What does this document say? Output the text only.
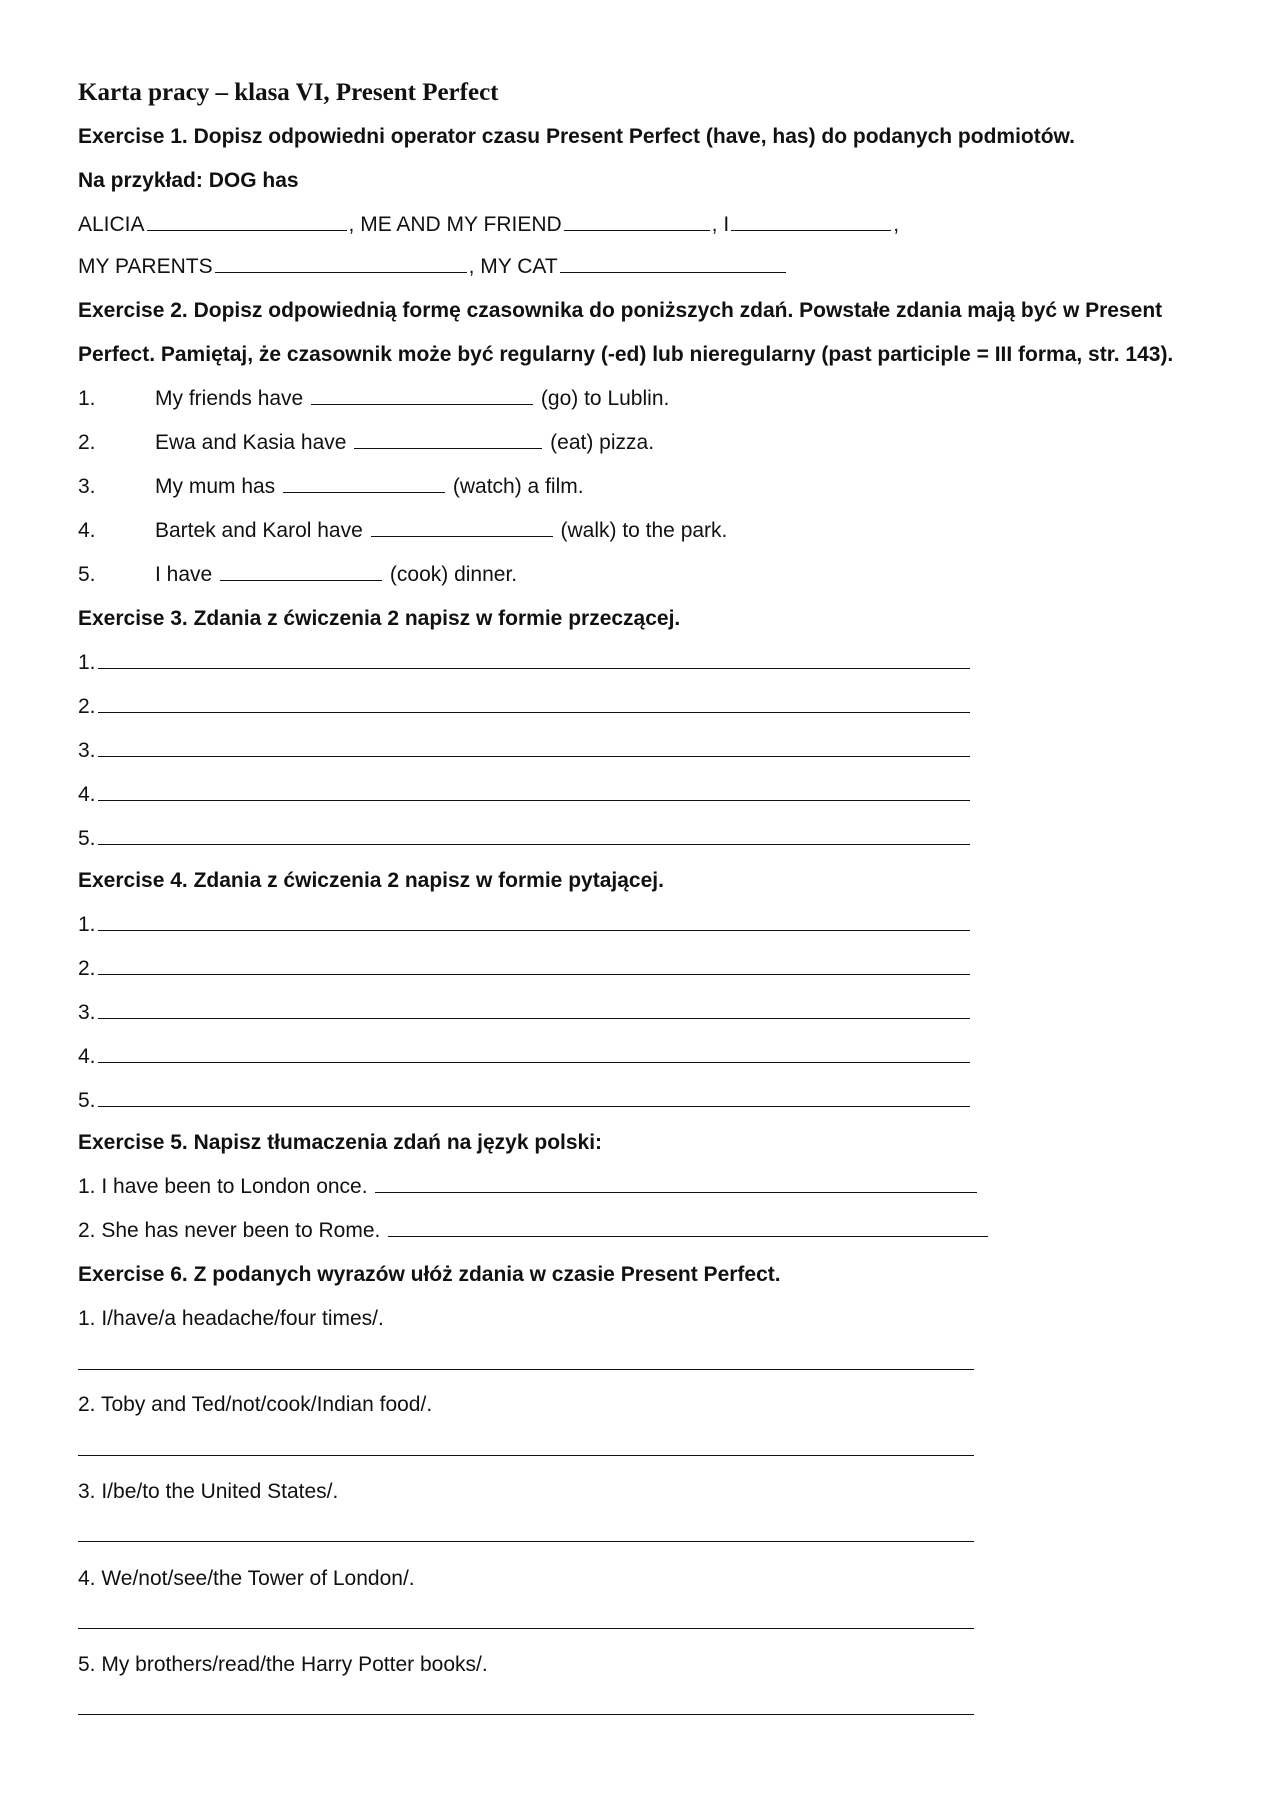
Karta pracy – klasa VI, Present Perfect
Exercise 1. Dopisz odpowiedni operator czasu Present Perfect (have, has) do podanych podmiotów.
Na przykład: DOG has
ALICIA	, ME AND MY FRIEND	, I	,
MY PARENTS	, MY CAT
Exercise 2. Dopisz odpowiednią formę czasownika do poniższych zdań. Powstałe zdania mają być w Present
Perfect. Pamiętaj, że czasownik może być regularny (-ed) lub nieregularny (past participle = III forma, str. 143).
1.	My friends have	(go) to Lublin.
2.	Ewa and Kasia have	(eat) pizza.
3.	My mum has	(watch) a film.
4.	Bartek and Karol have	(walk) to the park.
5.	I have	(cook) dinner.
Exercise 3. Zdania z ćwiczenia 2 napisz w formie przeczącej.
1.
2.
3.
4.
5.
Exercise 4. Zdania z ćwiczenia 2 napisz w formie pytającej.
1.
2.
3.
4.
5.
Exercise 5. Napisz tłumaczenia zdań na język polski:
1. I have been to London once.
2. She has never been to Rome.
Exercise 6. Z podanych wyrazów ułóż zdania w czasie Present Perfect.
1. I/have/a headache/four times/.
2. Toby and Ted/not/cook/Indian food/.
3. I/be/to the United States/.
4. We/not/see/the Tower of London/.
5. My brothers/read/the Harry Potter books/.
